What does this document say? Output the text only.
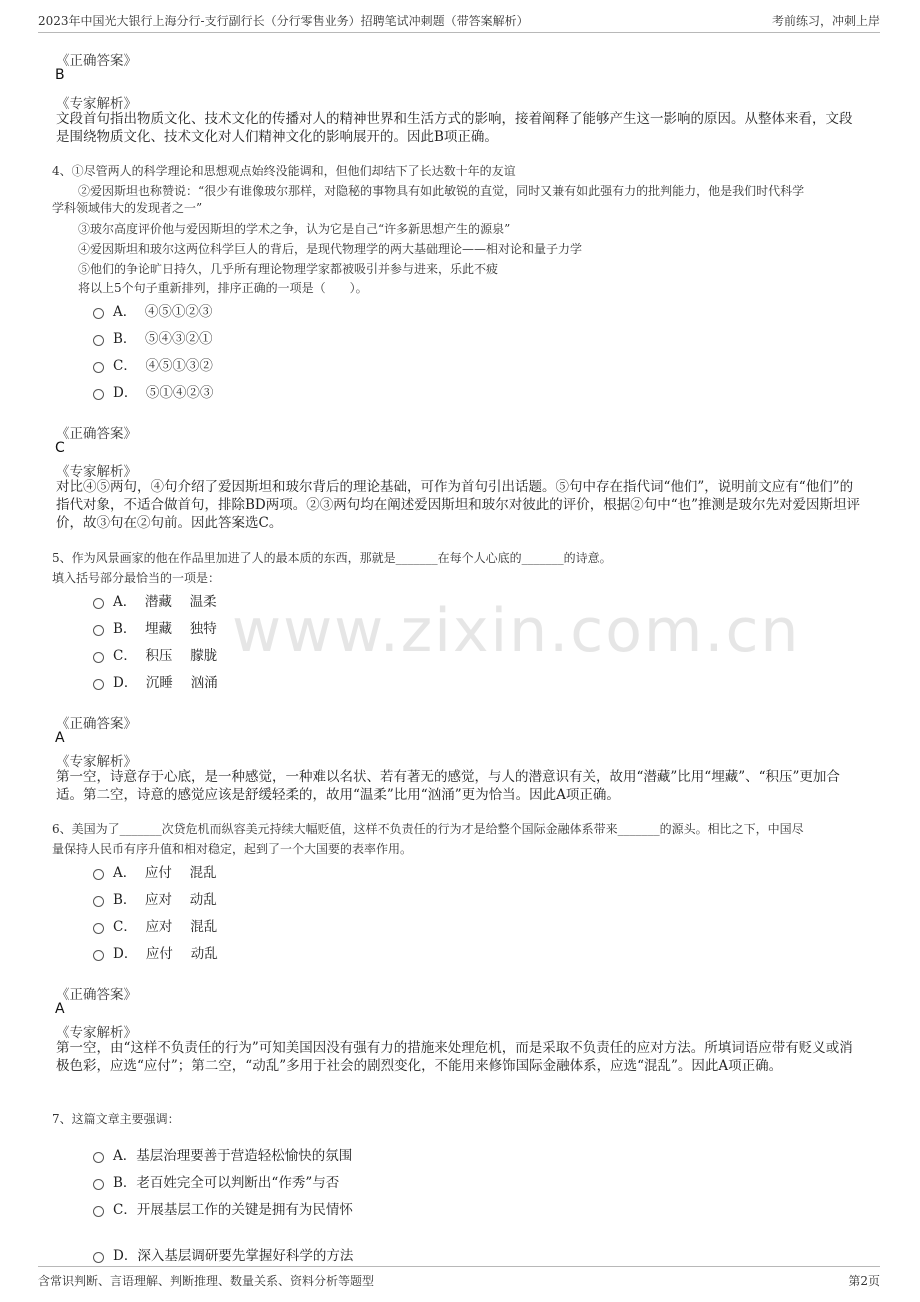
2023年中国光大银行上海分行-支行副行长（分行零售业务）招聘笔试冲刺题（带答案解析）	考前练习，冲刺上岸
www.zixin.com.cn
《正确答案》
B
《专家解析》
文段首句指出物质文化、技术文化的传播对人的精神世界和生活方式的影响，接着阐释了能够产生这一影响的原因。从整体来看，文段是围绕物质文化、技术文化对人们精神文化的影响展开的。因此B项正确。
4、①尽管两人的科学理论和思想观点始终没能调和，但他们却结下了长达数十年的友谊
②爱因斯坦也称赞说：“很少有谁像玻尔那样，对隐秘的事物具有如此敏锐的直觉，同时又兼有如此强有力的批判能力，他是我们时代科学
学科领域伟大的发现者之一”
③玻尔高度评价他与爱因斯坦的学术之争，认为它是自己“许多新思想产生的源泉”
④爱因斯坦和玻尔这两位科学巨人的背后，是现代物理学的两大基础理论——相对论和量子力学
⑤他们的争论旷日持久，几乎所有理论物理学家都被吸引并参与进来，乐此不疲
将以上5个句子重新排列，排序正确的一项是（　　）。
A． ④⑤①②③
B． ⑤④③②①
C． ④⑤①③②
D． ⑤①④②③
《正确答案》
C
《专家解析》
对比④⑤两句，④句介绍了爱因斯坦和玻尔背后的理论基础，可作为首句引出话题。⑤句中存在指代词“他们”，说明前文应有“他们”的指代对象，不适合做首句，排除BD两项。②③两句均在阐述爱因斯坦和玻尔对彼此的评价，根据②句中“也”推测是玻尔先对爱因斯坦评价，故③句在②句前。因此答案选C。
5、作为风景画家的他在作品里加进了人的最本质的东西，那就是_______在每个人心底的_______的诗意。
填入括号部分最恰当的一项是：
A． 潜藏　 温柔
B． 埋藏　 独特
C． 积压　 朦胧
D． 沉睡　 汹涌
《正确答案》
A
《专家解析》
第一空，诗意存于心底，是一种感觉，一种难以名状、若有著无的感觉，与人的潜意识有关，故用“潜藏”比用“埋藏”、“积压”更加合适。第二空，诗意的感觉应该是舒缓轻柔的，故用“温柔”比用“汹涌”更为恰当。因此A项正确。
6、美国为了_______次贷危机而纵容美元持续大幅贬值，这样不负责任的行为才是给整个国际金融体系带来_______的源头。相比之下，中国尽
量保持人民币有序升值和相对稳定，起到了一个大国要的表率作用。
A． 应付　 混乱
B． 应对　 动乱
C． 应对　 混乱
D． 应付　 动乱
《正确答案》
A
《专家解析》
第一空，由“这样不负责任的行为”可知美国因没有强有力的措施来处理危机，而是采取不负责任的应对方法。所填词语应带有贬义或消极色彩，应选“应付”；第二空，“动乱”多用于社会的剧烈变化，不能用来修饰国际金融体系，应选“混乱”。因此A项正确。
7、这篇文章主要强调：
A．基层治理要善于营造轻松愉快的氛围
B．老百姓完全可以判断出“作秀”与否
C．开展基层工作的关键是拥有为民情怀
D．深入基层调研要先掌握好科学的方法
含常识判断、言语理解、判断推理、数量关系、资料分析等题型	第2页
